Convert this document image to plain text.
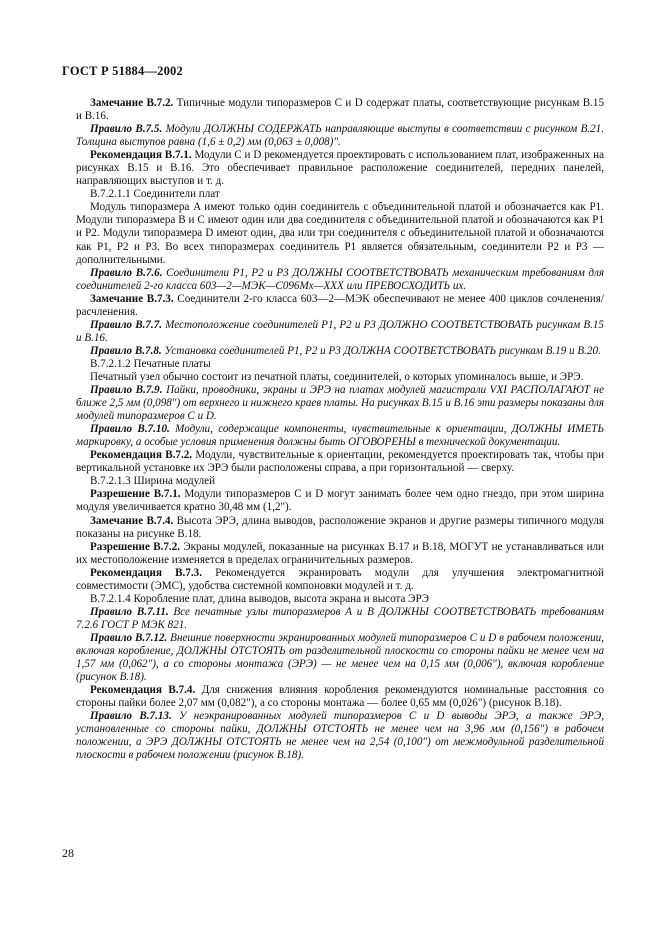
ГОСТ Р 51884—2002

Замечание В.7.2. Типичные модули типоразмеров C и D содержат платы, соответствующие рисункам B.15 и B.16.

Правило В.7.5. Модули ДОЛЖНЫ СОДЕРЖАТЬ направляющие выступы в соответствии с рисунком B.21. Толщина выступов равна (1,6 ± 0,2) мм (0,063 ± 0,008)".

Рекомендация В.7.1. Модули C и D рекомендуется проектировать с использованием плат, изображенных на рисунках B.15 и B.16. Это обеспечивает правильное расположение соединителей, передних панелей, направляющих выступов и т. д.

В.7.2.1.1 Соединители плат

Модуль типоразмера A имеют только один соединитель с объединительной платой и обозначается как P1. Модули типоразмера B и C имеют один или два соединителя с объединительной платой и обозначаются как P1 и P2. Модули типоразмера D имеют один, два или три соединителя с объединительной платой и обозначаются как P1, P2 и P3. Во всех типоразмерах соединитель P1 является обязательным, соединители P2 и P3 — дополнительными.

Правило В.7.6. Соединители P1, P2 и P3 ДОЛЖНЫ СООТВЕТСТВОВАТЬ механическим требованиям для соединителей 2-го класса 603—2—МЭК—C096Mx—XXX или ПРЕВОСХОДИТЬ их.

Замечание В.7.3. Соединители 2-го класса 603—2—МЭК обеспечивают не менее 400 циклов сочленения/расчленения.

Правило В.7.7. Местоположение соединителей P1, P2 и P3 ДОЛЖНО СООТВЕТСТВОВАТЬ рисункам B.15 и B.16.

Правило В.7.8. Установка соединителей P1, P2 и P3 ДОЛЖНА СООТВЕТСТВОВАТЬ рисункам B.19 и B.20.

В.7.2.1.2 Печатные платы

Печатный узел обычно состоит из печатной платы, соединителей, о которых упоминалось выше, и ЭРЭ.

Правило В.7.9. Пайки, проводники, экраны и ЭРЭ на платах модулей магистрали VXI РАСПОЛАГАЮТ не ближе 2,5 мм (0,098") от верхнего и нижнего краев платы. На рисунках B.15 и B.16 эти размеры показаны для модулей типоразмеров C и D.

Правило В.7.10. Модули, содержащие компоненты, чувствительные к ориентации, ДОЛЖНЫ ИМЕТЬ маркировку, а особые условия применения должны быть ОГОВОРЕНЫ в технической документации.

Рекомендация В.7.2. Модули, чувствительные к ориентации, рекомендуется проектировать так, чтобы при вертикальной установке их ЭРЭ были расположены справа, а при горизонтальной — сверху.

В.7.2.1.3 Ширина модулей

Разрешение В.7.1. Модули типоразмеров C и D могут занимать более чем одно гнездо, при этом ширина модуля увеличивается кратно 30,48 мм (1,2").

Замечание В.7.4. Высота ЭРЭ, длина выводов, расположение экранов и другие размеры типичного модуля показаны на рисунке B.18.

Разрешение В.7.2. Экраны модулей, показанные на рисунках B.17 и B.18, МОГУТ не устанавливаться или их местоположение изменяется в пределах ограничительных размеров.

Рекомендация В.7.3. Рекомендуется экранировать модули для улучшения электромагнитной совместимости (ЭМС), удобства системной компоновки модулей и т. д.

В.7.2.1.4 Коробление плат, длина выводов, высота экрана и высота ЭРЭ

Правило В.7.11. Все печатные узлы типоразмеров A и B ДОЛЖНЫ СООТВЕТСТВОВАТЬ требованиям 7.2.6 ГОСТ Р МЭК 821.

Правило В.7.12. Внешние поверхности экранированных модулей типоразмеров C и D в рабочем положении, включая коробление, ДОЛЖНЫ ОТСТОЯТЬ от разделительной плоскости со стороны пайки не менее чем на 1,57 мм (0,062"), а со стороны монтажа (ЭРЭ) — не менее чем на 0,15 мм (0,006"), включая коробление (рисунок B.18).

Рекомендация В.7.4. Для снижения влияния коробления рекомендуются номинальные расстояния со стороны пайки более 2,07 мм (0,082"), а со стороны монтажа — более 0,65 мм (0,026") (рисунок B.18).

Правило В.7.13. У неэкранированных модулей типоразмеров C и D выводы ЭРЭ, а также ЭРЭ, установленные со стороны пайки, ДОЛЖНЫ ОТСТОЯТЬ не менее чем на 3,96 мм (0,156") в рабочем положении, а ЭРЭ ДОЛЖНЫ ОТСТОЯТЬ не менее чем на 2,54 (0,100") от межмодульной разделительной плоскости в рабочем положении (рисунок B.18).

28
